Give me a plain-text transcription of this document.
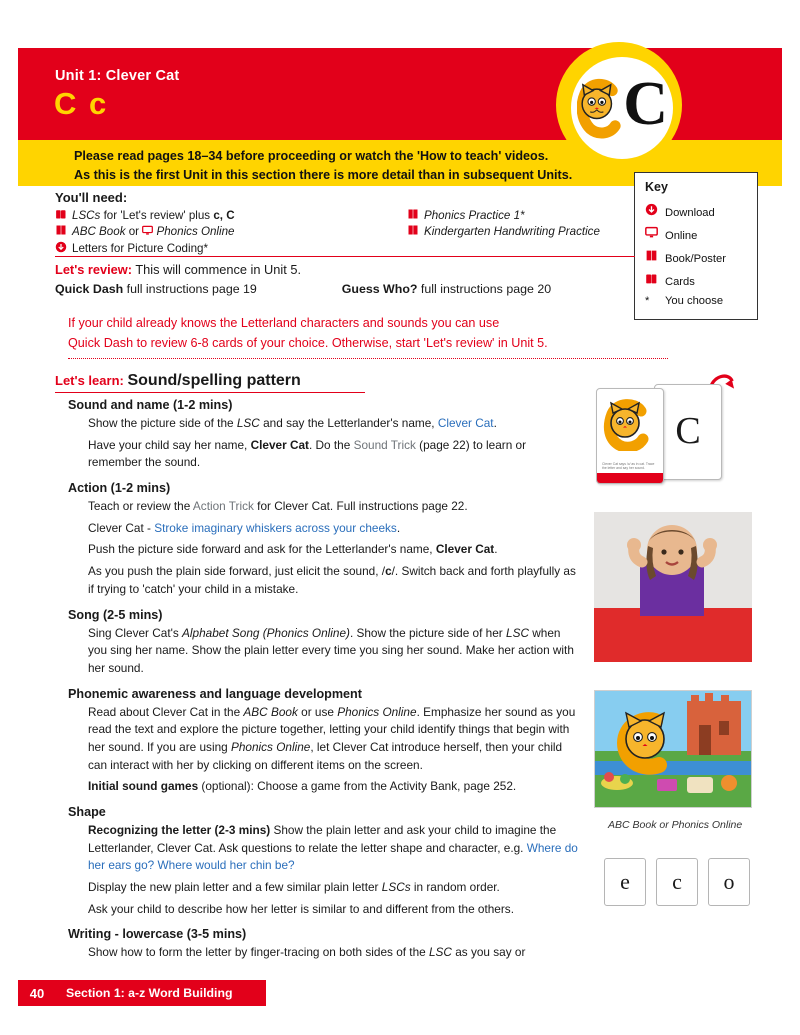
Unit 1: Clever Cat
C c

Please read pages 18–34 before proceeding or watch the 'How to teach' videos.
As this is the first Unit in this section there is more detail than in subsequent Units.

C
Key
Download
Online
Book/Poster
Cards
* You choose
You'll need:
LSCs for 'Let's review' plus c, C
ABC Book or  Phonics Online
Letters for Picture Coding*
Phonics Practice 1*
Kindergarten Handwriting Practice
Let's review: This will commence in Unit 5.
Quick Dash full instructions page 19	Guess Who? full instructions page 20
If your child already knows the Letterland characters and sounds you can use
Quick Dash to review 6-8 cards of your choice. Otherwise, start 'Let's review' in Unit 5.
Let's learn: Sound/spelling pattern

Sound and name (1-2 mins)

Show the picture side of the LSC and say the Letterlander's name, Clever Cat.

Have your child say her name, Clever Cat. Do the Sound Trick (page 22) to learn or remember the sound.

Action (1-2 mins)

Teach or review the Action Trick for Clever Cat. Full instructions page 22.

Clever Cat - Stroke imaginary whiskers across your cheeks.

Push the picture side forward and ask for the Letterlander's name, Clever Cat.

As you push the plain side forward, just elicit the sound, /c/. Switch back and forth playfully as if trying to 'catch' your child in a mistake.

Song (2-5 mins)

Sing Clever Cat's Alphabet Song (Phonics Online). Show the picture side of her LSC when you sing her name. Show the plain letter every time you sing her sound. Make her action with her sound.

Phonemic awareness and language development

Read about Clever Cat in the ABC Book or use Phonics Online. Emphasize her sound as you read the text and explore the picture together, letting your child identify things that begin with her sound. If you are using Phonics Online, let Clever Cat introduce herself, then your child can interact with her by clicking on different items on the screen.

Initial sound games (optional): Choose a game from the Activity Bank, page 252.

Shape

Recognizing the letter (2-3 mins) Show the plain letter and ask your child to imagine the Letterlander, Clever Cat. Ask questions to relate the letter shape and character, e.g. Where do her ears go? Where would her chin be?

Display the new plain letter and a few similar plain letter LSCs in random order.

Ask your child to describe how her letter is similar to and different from the others.

Writing - lowercase (3-5 mins)

Show how to form the letter by finger-tracing on both sides of the LSC as you say or

C
Clever Cat says /c/ as in cat. Trace the letter and say her sound.
ABC Book or Phonics Online
e	c	o
40	Section 1: a-z Word Building
